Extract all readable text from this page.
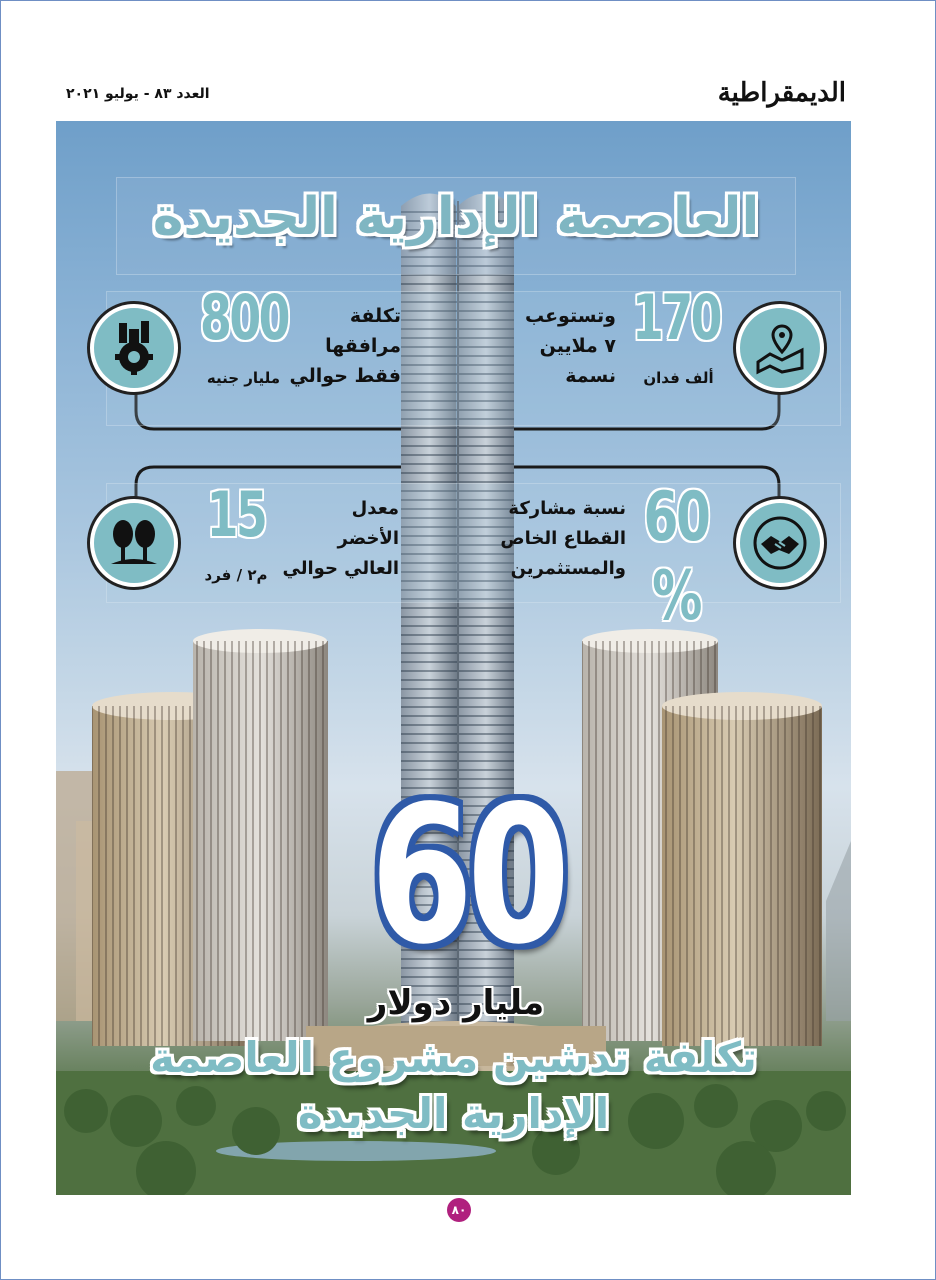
الديمقراطية
العدد ٨٣ - يوليو ٢٠٢١
العاصمة الإدارية الجديدة
170
ألف فدان
وتستوعب
٧ ملايين
نسمة
800
مليار جنيه
تكلفة
مرافقها
فقط حوالي
60 %
نسبة مشاركة
القطاع الخاص
والمستثمرين
15
م٢ / فرد
معدل
الأخضر
العالي حوالي
60
مليار دولار
تكلفة تدشين مشروع العاصمة
الإدارية الجديدة
٨٠
